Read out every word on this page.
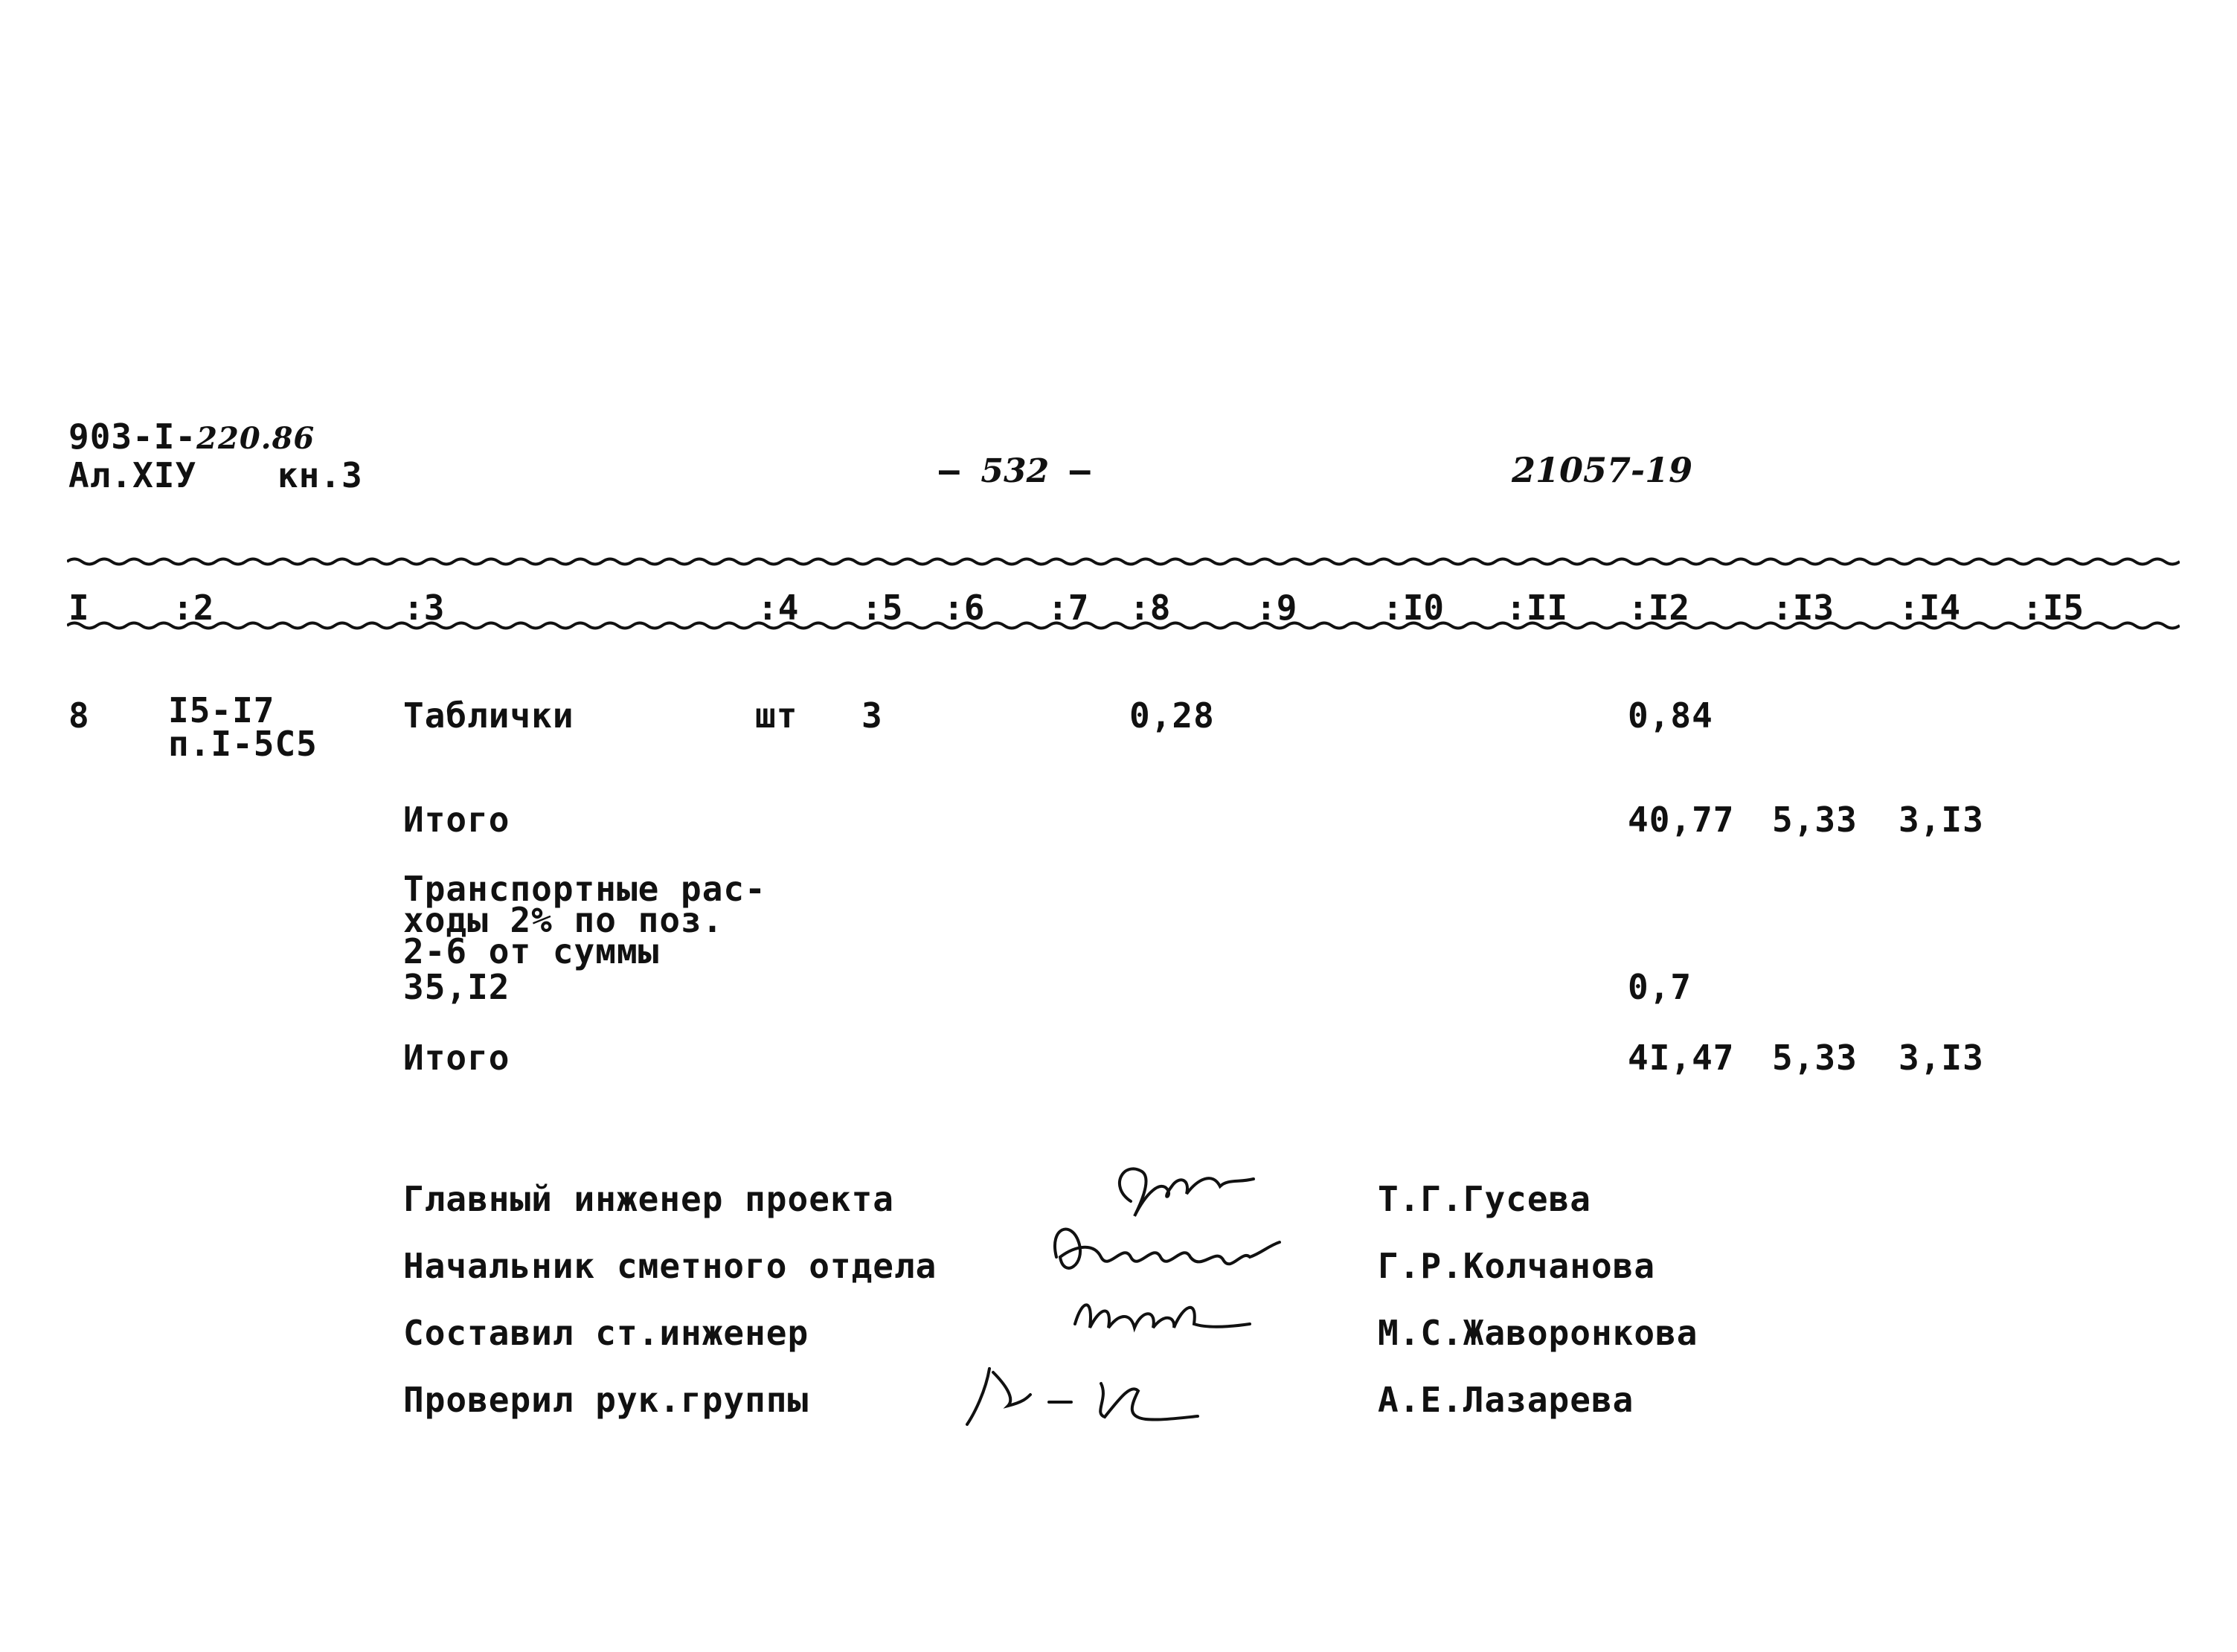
903-I-220.86
Ал.XIУ кн.3	– 532 –	21057-19
I :2	:3	:4 :5 :6 :7 :8 :9 :I0 :II :I2 :I3 :I4 :I5
8 I5-I7
п.I-5C5
Таблички	шт 3	0,28	0,84
Итого	40,77 5,33 3,I3
Транспортные рас-
ходы 2% по поз.
2-6 от суммы
35,I2	0,7
Итого	4I,47 5,33 3,I3
Главный инженер проекта	Т.Г.Гусева
Начальник сметного отдела	Г.Р.Колчанова
Составил ст.инженер	М.С.Жаворонкова
Проверил рук.группы	А.Е.Лазарева
